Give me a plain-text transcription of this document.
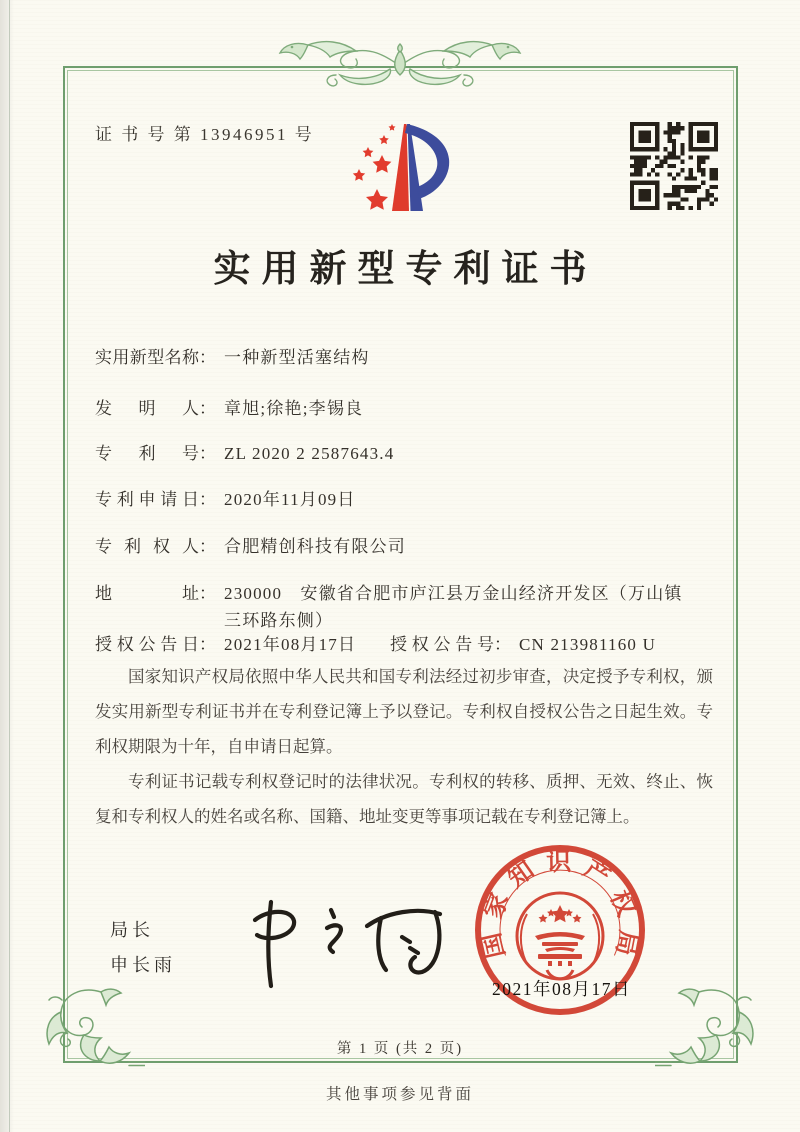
证 书 号 第 13946951 号
实用新型专利证书
实用新型名称： 一种新型活塞结构
发明人： 章旭;徐艳;李锡良
专利号： ZL 2020 2 2587643.4
专利申请日： 2020年11月09日
专利权人： 合肥精创科技有限公司
地址： 230000　安徽省合肥市庐江县万金山经济开发区（万山镇三环路东侧）
授权公告日： 2021年08月17日 授权公告号： CN 213981160 U

国家知识产权局依照中华人民共和国专利法经过初步审查，决定授予专利权，颁发实用新型专利证书并在专利登记簿上予以登记。专利权自授权公告之日起生效。专利权期限为十年，自申请日起算。

专利证书记载专利权登记时的法律状况。专利权的转移、质押、无效、终止、恢复和专利权人的姓名或名称、国籍、地址变更等事项记载在专利登记簿上。

局长
申长雨
国家知识产权局
2021年08月17日
第 1 页 (共 2 页)
其他事项参见背面
